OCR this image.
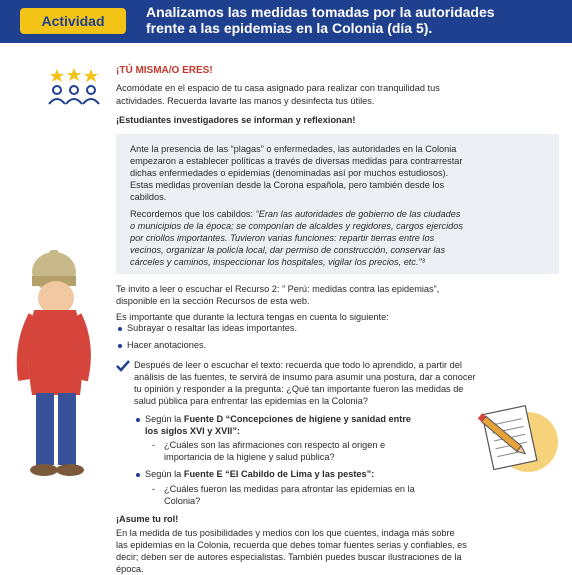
Actividad
Analizamos las medidas tomadas por la autoridades
frente a las epidemias en la Colonia (día 5).
¡TÚ MISMA/O ERES!
Acomódate en el espacio de tu casa asignado para realizar con tranquilidad tus
actividades. Recuerda lavarte las manos y desinfecta tus útiles.
¡Estudiantes investigadores se informan y reflexionan!
Ante la presencia de las “plagas” o enfermedades, las autoridades en la Colonia
empezaron a establecer políticas a través de diversas medidas para contrarrestar
dichas enfermedades o epidemias (denominadas así por muchos estudiosos).
Estas medidas provenían desde la Corona española, pero también desde los
cabildos.
Recordemos que los cabildos: “Eran las autoridades de gobierno de las ciudades
o municipios de la época; se componían de alcaldes y regidores, cargos ejercidos
por criollos importantes. Tuvieron varias funciones: repartir tierras entre los
vecinos, organizar la policía local, dar permiso de construcción, conservar las
cárceles y caminos, inspeccionar los hospitales, vigilar los precios, etc.”³
Te invito a leer o escuchar el Recurso 2: ” Perú: medidas contra las epidemias”,
disponible en la sección Recursos de esta web.
Es importante que durante la lectura tengas en cuenta lo siguiente:
Subrayar o resaltar las ideas importantes.
Hacer anotaciones.
Después de leer o escuchar el texto: recuerda que todo lo aprendido, a partir del
análisis de las fuentes, te servirá de insumo para asumir una postura, dar a conocer
tu opinión y responder a la pregunta: ¿Qué tan importante fueron las medidas de
salud pública para enfrentar las epidemias en la Colonia?
Según la Fuente D “Concepciones de higiene y sanidad entre
los siglos XVI y XVII”:
- ¿Cuáles son las afirmaciones con respecto al origen e
importancia de la higiene y salud pública?
Según la Fuente E “El Cabildo de Lima y las pestes”:
- ¿Cuáles fueron las medidas para afrontar las epidemias en la
Colonia?
¡Asume tu rol!
En la medida de tus posibilidades y medios con los que cuentes, indaga más sobre
las epidemias en la Colonia, recuerda que debes tomar fuentes serias y confiables, es
decir; deben ser de autores especialistas. También puedes buscar ilustraciones de la
época.
